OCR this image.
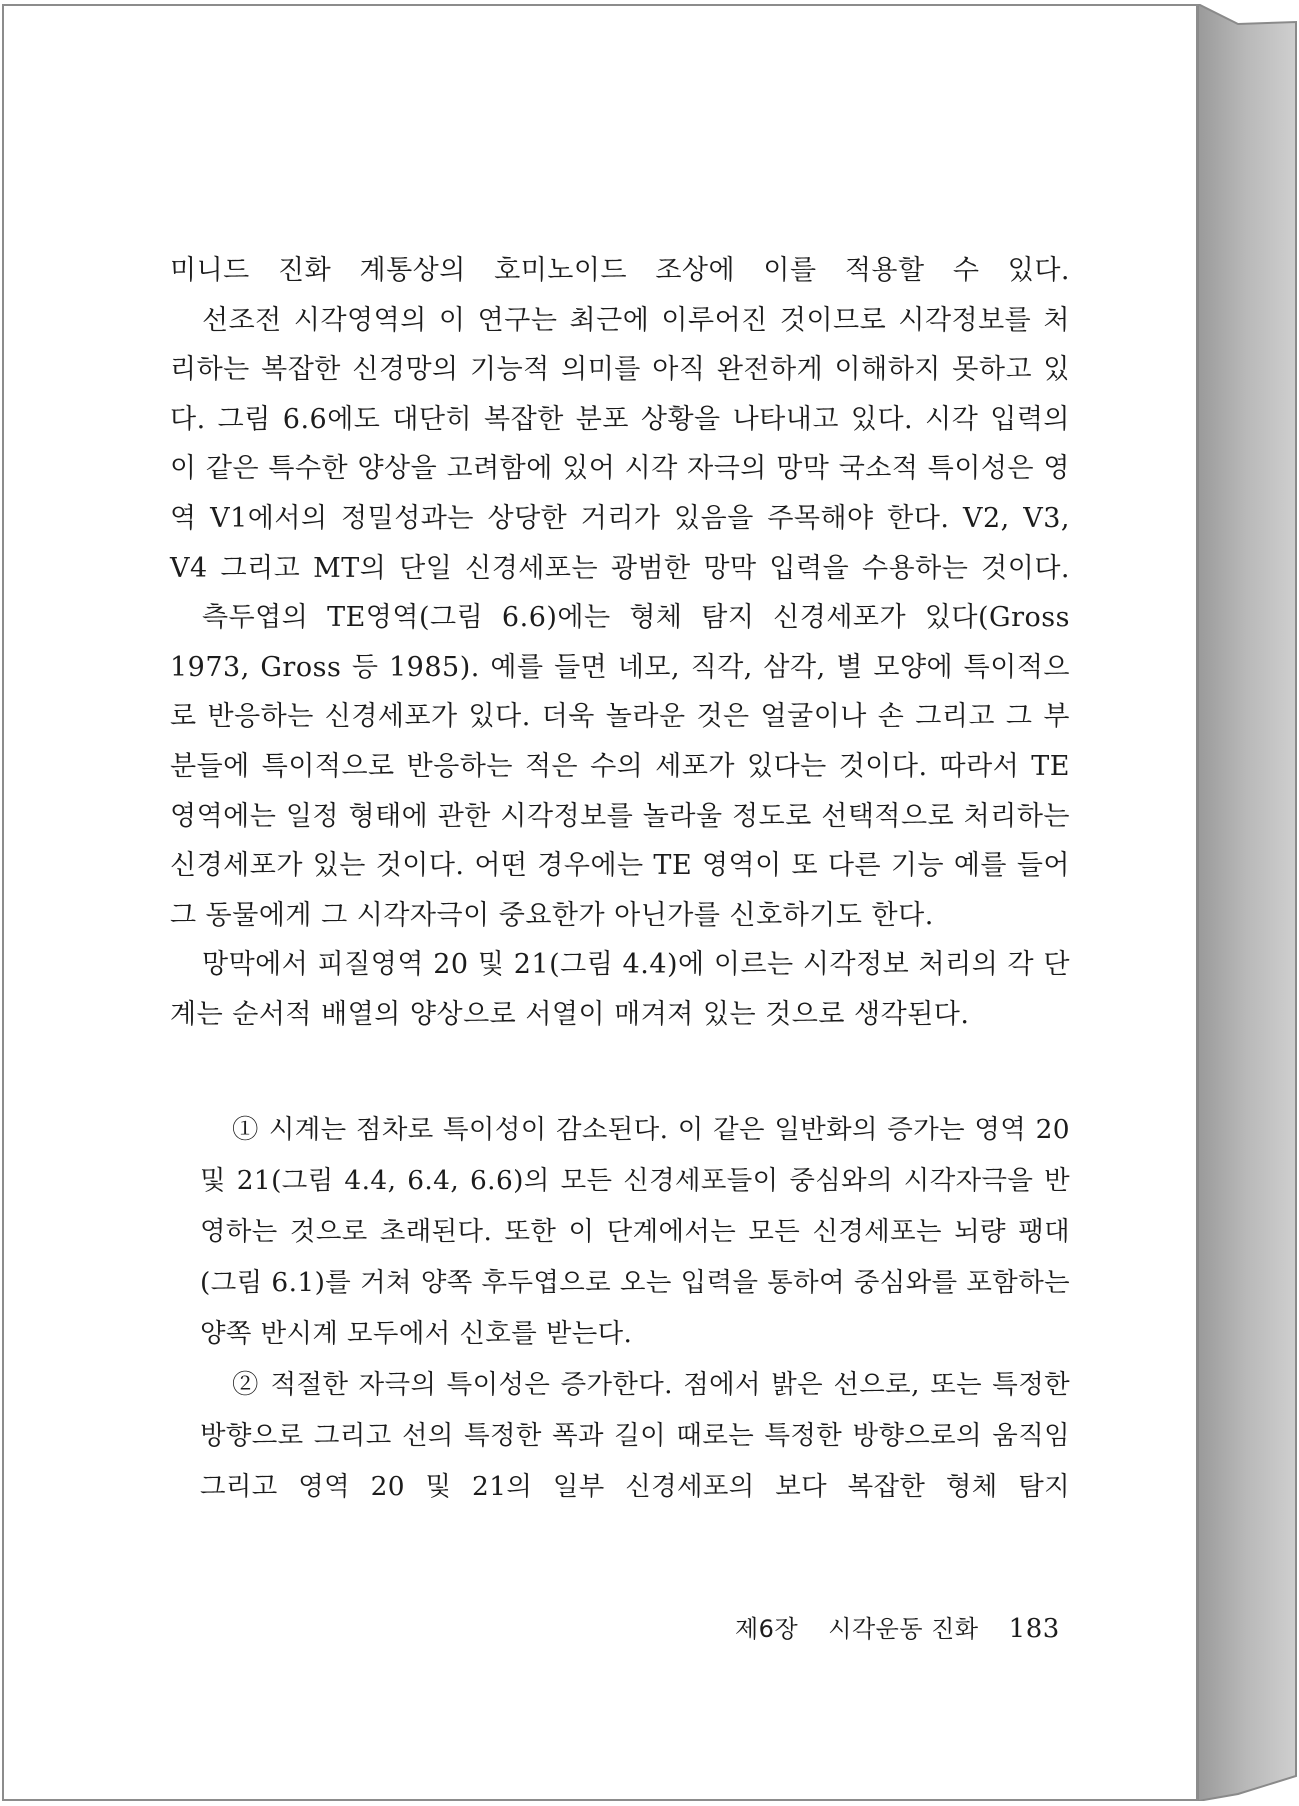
미니드 진화 계통상의 호미노이드 조상에 이를 적용할 수 있다.

선조전 시각영역의 이 연구는 최근에 이루어진 것이므로 시각정보를 처리하는 복잡한 신경망의 기능적 의미를 아직 완전하게 이해하지 못하고 있다. 그림 6.6에도 대단히 복잡한 분포 상황을 나타내고 있다. 시각 입력의 이 같은 특수한 양상을 고려함에 있어 시각 자극의 망막 국소적 특이성은 영역 V1에서의 정밀성과는 상당한 거리가 있음을 주목해야 한다. V2, V3, V4 그리고 MT의 단일 신경세포는 광범한 망막 입력을 수용하는 것이다.

측두엽의 TE영역(그림 6.6)에는 형체 탐지 신경세포가 있다(Gross 1973, Gross 등 1985). 예를 들면 네모, 직각, 삼각, 별 모양에 특이적으로 반응하는 신경세포가 있다. 더욱 놀라운 것은 얼굴이나 손 그리고 그 부분들에 특이적으로 반응하는 적은 수의 세포가 있다는 것이다. 따라서 TE 영역에는 일정 형태에 관한 시각정보를 놀라울 정도로 선택적으로 처리하는 신경세포가 있는 것이다. 어떤 경우에는 TE 영역이 또 다른 기능 예를 들어 그 동물에게 그 시각자극이 중요한가 아닌가를 신호하기도 한다.

망막에서 피질영역 20 및 21(그림 4.4)에 이르는 시각정보 처리의 각 단계는 순서적 배열의 양상으로 서열이 매겨져 있는 것으로 생각된다.

① 시계는 점차로 특이성이 감소된다. 이 같은 일반화의 증가는 영역 20 및 21(그림 4.4, 6.4, 6.6)의 모든 신경세포들이 중심와의 시각자극을 반영하는 것으로 초래된다. 또한 이 단계에서는 모든 신경세포는 뇌량 팽대(그림 6.1)를 거쳐 양쪽 후두엽으로 오는 입력을 통하여 중심와를 포함하는 양쪽 반시계 모두에서 신호를 받는다.

② 적절한 자극의 특이성은 증가한다. 점에서 밝은 선으로, 또는 특정한 방향으로 그리고 선의 특정한 폭과 길이 때로는 특정한 방향으로의 움직임 그리고 영역 20 및 21의 일부 신경세포의 보다 복잡한 형체 탐지

제6장 시각운동 진화 183
